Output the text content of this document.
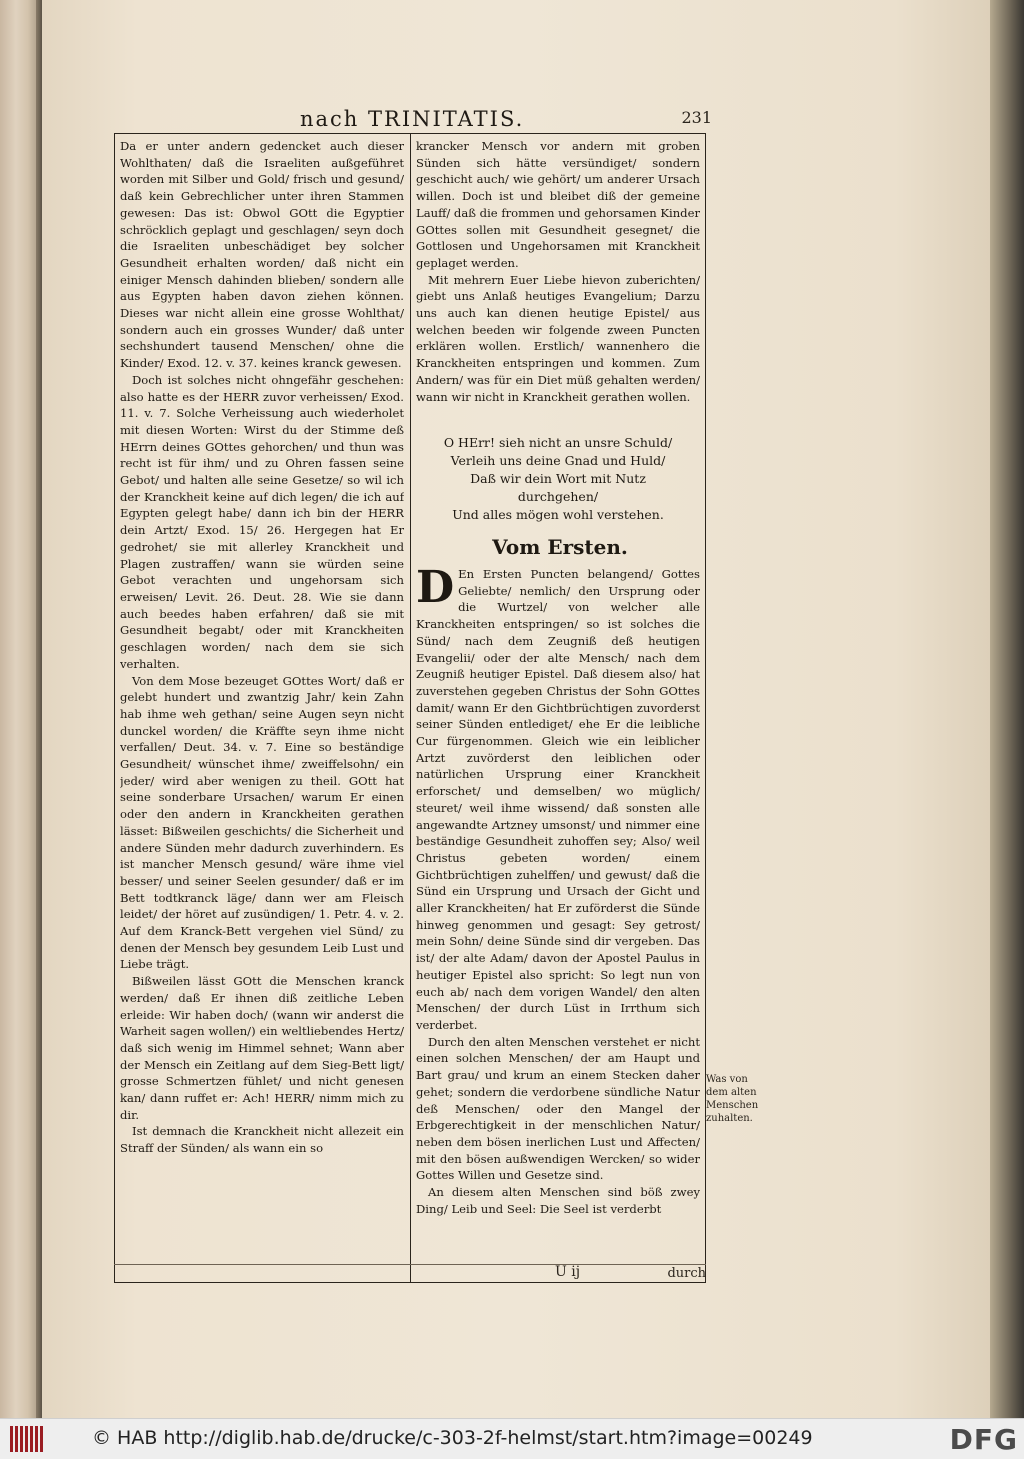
nach TRINITATIS.	231

Da er unter andern gedencket auch dieser Wohlthaten/ daß die Israeliten außgeführet worden mit Silber und Gold/ frisch und gesund/ daß kein Gebrechlicher unter ihren Stammen gewesen: Das ist: Obwol GOtt die Egyptier schröcklich geplagt und geschlagen/ seyn doch die Israeliten unbeschädiget bey solcher Gesundheit erhalten worden/ daß nicht ein einiger Mensch dahinden blieben/ sondern alle aus Egypten haben davon ziehen können. Dieses war nicht allein eine grosse Wohlthat/ sondern auch ein grosses Wunder/ daß unter sechshundert tausend Menschen/ ohne die Kinder/ Exod. 12. v. 37. keines kranck gewesen.

Doch ist solches nicht ohngefähr geschehen: also hatte es der HERR zuvor verheissen/ Exod. 11. v. 7. Solche Verheissung auch wiederholet mit diesen Worten: Wirst du der Stimme deß HErrn deines GOttes gehorchen/ und thun was recht ist für ihm/ und zu Ohren fassen seine Gebot/ und halten alle seine Gesetze/ so wil ich der Kranckheit keine auf dich legen/ die ich auf Egypten gelegt habe/ dann ich bin der HERR dein Artzt/ Exod. 15/ 26. Hergegen hat Er gedrohet/ sie mit allerley Kranckheit und Plagen zustraffen/ wann sie würden seine Gebot verachten und ungehorsam sich erweisen/ Levit. 26. Deut. 28. Wie sie dann auch beedes haben erfahren/ daß sie mit Gesundheit begabt/ oder mit Kranckheiten geschlagen worden/ nach dem sie sich verhalten.

Von dem Mose bezeuget GOttes Wort/ daß er gelebt hundert und zwantzig Jahr/ kein Zahn hab ihme weh gethan/ seine Augen seyn nicht dunckel worden/ die Kräffte seyn ihme nicht verfallen/ Deut. 34. v. 7. Eine so beständige Gesundheit/ wünschet ihme/ zweiffelsohn/ ein jeder/ wird aber wenigen zu theil. GOtt hat seine sonderbare Ursachen/ warum Er einen oder den andern in Kranckheiten gerathen lässet: Bißweilen geschichts/ die Sicherheit und andere Sünden mehr dadurch zuverhindern. Es ist mancher Mensch gesund/ wäre ihme viel besser/ und seiner Seelen gesunder/ daß er im Bett todtkranck läge/ dann wer am Fleisch leidet/ der höret auf zusündigen/ 1. Petr. 4. v. 2. Auf dem Kranck-Bett vergehen viel Sünd/ zu denen der Mensch bey gesundem Leib Lust und Liebe trägt.

Bißweilen lässt GOtt die Menschen kranck werden/ daß Er ihnen diß zeitliche Leben erleide: Wir haben doch/ (wann wir anderst die Warheit sagen wollen/) ein weltliebendes Hertz/ daß sich wenig im Himmel sehnet; Wann aber der Mensch ein Zeitlang auf dem Sieg-Bett ligt/ grosse Schmertzen fühlet/ und nicht genesen kan/ dann ruffet er: Ach! HERR/ nimm mich zu dir.

Ist demnach die Kranckheit nicht allezeit ein Straff der Sünden/ als wann ein so

krancker Mensch vor andern mit groben Sünden sich hätte versündiget/ sondern geschicht auch/ wie gehört/ um anderer Ursach willen. Doch ist und bleibet diß der gemeine Lauff/ daß die frommen und gehorsamen Kinder GOttes sollen mit Gesundheit gesegnet/ die Gottlosen und Ungehorsamen mit Kranckheit geplaget werden.

Mit mehrern Euer Liebe hievon zuberichten/ giebt uns Anlaß heutiges Evangelium; Darzu uns auch kan dienen heutige Epistel/ aus welchen beeden wir folgende zween Puncten erklären wollen. Erstlich/ wannenhero die Kranckheiten entspringen und kommen. Zum Andern/ was für ein Diet müß gehalten werden/ wann wir nicht in Kranckheit gerathen wollen.

O HErr! sieh nicht an unsre Schuld/
Verleih uns deine Gnad und Huld/
Daß wir dein Wort mit Nutz
durchgehen/
Und alles mögen wohl verstehen.
Vom Ersten.

D En Ersten Puncten belangend/ Gottes Geliebte/ nemlich/ den Ursprung oder die Wurtzel/ von welcher alle Kranckheiten entspringen/ so ist solches die Sünd/ nach dem Zeugniß deß heutigen Evangelii/ oder der alte Mensch/ nach dem Zeugniß heutiger Epistel. Daß diesem also/ hat zuverstehen gegeben Christus der Sohn GOttes damit/ wann Er den Gichtbrüchtigen zuvorderst seiner Sünden entlediget/ ehe Er die leibliche Cur fürgenommen. Gleich wie ein leiblicher Artzt zuvörderst den leiblichen oder natürlichen Ursprung einer Kranckheit erforschet/ und demselben/ wo müglich/ steuret/ weil ihme wissend/ daß sonsten alle angewandte Artzney umsonst/ und nimmer eine beständige Gesundheit zuhoffen sey; Also/ weil Christus gebeten worden/ einem Gichtbrüchtigen zuhelffen/ und gewust/ daß die Sünd ein Ursprung und Ursach der Gicht und aller Kranckheiten/ hat Er zuförderst die Sünde hinweg genommen und gesagt: Sey getrost/ mein Sohn/ deine Sünde sind dir vergeben. Das ist/ der alte Adam/ davon der Apostel Paulus in heutiger Epistel also spricht: So legt nun von euch ab/ nach dem vorigen Wandel/ den alten Menschen/ der durch Lüst in Irrthum sich verderbet.

Durch den alten Menschen verstehet er nicht einen solchen Menschen/ der am Haupt und Bart grau/ und krum an einem Stecken daher gehet; sondern die verdorbene sündliche Natur deß Menschen/ oder den Mangel der Erbgerechtigkeit in der menschlichen Natur/ neben dem bösen inerlichen Lust und Affecten/ mit den bösen außwendigen Wercken/ so wider Gottes Willen und Gesetze sind.

An diesem alten Menschen sind böß zwey Ding/ Leib und Seel: Die Seel ist verderbt

Was von dem alten Menschen zuhalten.
U ij	durch
© HAB http://diglib.hab.de/drucke/c-303-2f-helmst/start.htm?image=00249	DFG
